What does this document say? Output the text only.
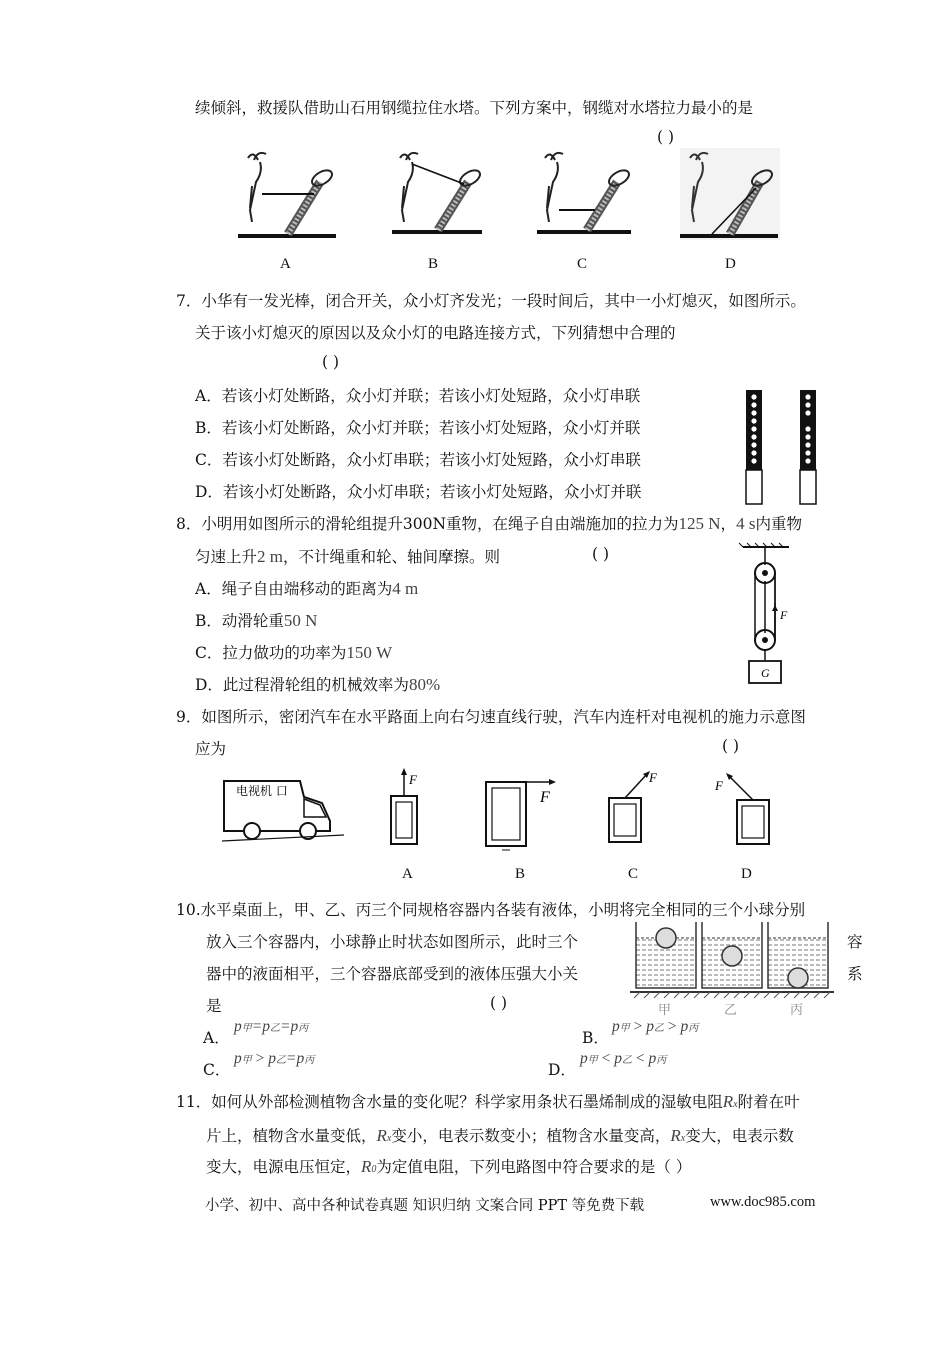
续倾斜，救援队借助山石用钢缆拉住水塔。下列方案中，钢缆对水塔拉力最小的是
( )
A	B	C	D
7．小华有一发光棒，闭合开关，众小灯齐发光；一段时间后，其中一小灯熄灭，如图所示。
关于该小灯熄灭的原因以及众小灯的电路连接方式，下列猜想中合理的
( )
A．若该小灯处断路，众小灯并联；若该小灯处短路，众小灯串联
B．若该小灯处断路，众小灯并联；若该小灯处短路，众小灯并联
C．若该小灯处断路，众小灯串联；若该小灯处短路，众小灯串联
D．若该小灯处断路，众小灯串联；若该小灯处短路，众小灯并联
8．小明用如图所示的滑轮组提升300N重物，在绳子自由端施加的拉力为125 N，4 s内重物
匀速上升2 m，不计绳重和轮、轴间摩擦。则	( )
A．绳子自由端移动的距离为4 m
B．动滑轮重50 N
C．拉力做功的功率为150 W
D．此过程滑轮组的机械效率为80%
F
G
9．如图所示，密闭汽车在水平路面上向右匀速直线行驶，汽车内连杆对电视机的施力示意图
应为	( )
电视机 口
F
F
F
F
A	B	C	D
10.水平桌面上，甲、乙、丙三个同规格容器内各装有液体，小明将完全相同的三个小球分别
放入三个容器内，小球静止时状态如图所示，此时三个	容
器中的液面相平，三个容器底部受到的液体压强大小关	系
是	( )	甲	乙	丙
A．
p甲=p乙=p丙
B．
p甲 > p乙 > p丙
C．
p甲 > p乙=p丙
D．
p甲 < p乙 < p丙
11．如何从外部检测植物含水量的变化呢？科学家用条状石墨烯制成的湿敏电阻Rx附着在叶
片上，植物含水量变低，Rx变小，电表示数变小；植物含水量变高，Rx变大，电表示数
变大，电源电压恒定，R0为定值电阻，下列电路图中符合要求的是（ ）
小学、初中、高中各种试卷真题 知识归纳 文案合同 PPT 等免费下载	www.doc985.com
